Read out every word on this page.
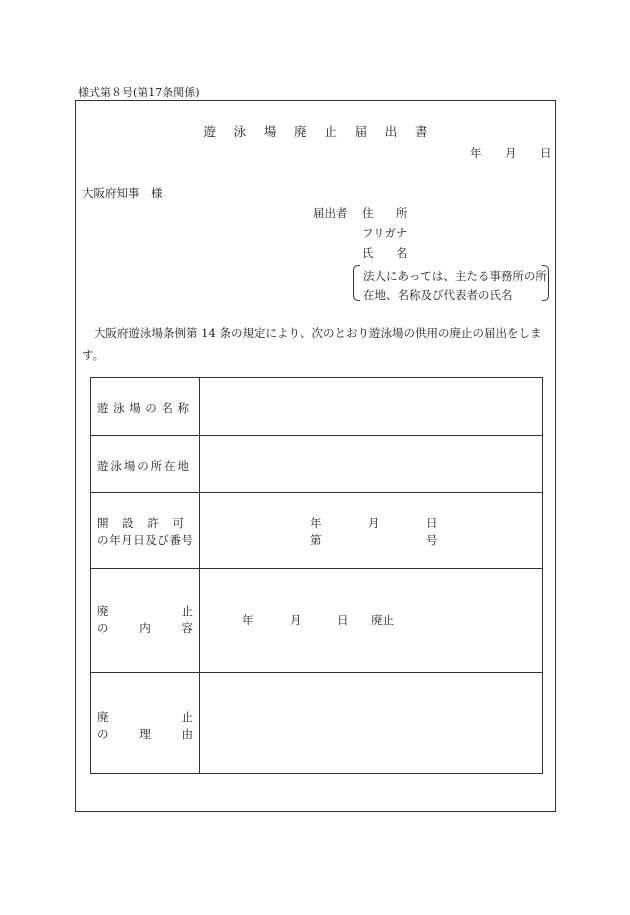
様式第８号(第17条関係)
遊 泳 場 廃 止 届 出 書
年 月 日
大阪府知事　様
届出者 住 所
フリガナ
氏 名
法人にあっては、主たる事務所の所
在地、名称及び代表者の氏名
大阪府遊泳場条例第 14 条の規定により、次のとおり遊泳場の供用の廃止の届出をします。
遊 泳 場 の 名 称
遊 泳 場 の 所 在 地
開 設 許 可
の年月日及び番号
年	月	日
第	号
廃	止
の	内	容
年	月	日 廃止
廃	止
の	理	由
